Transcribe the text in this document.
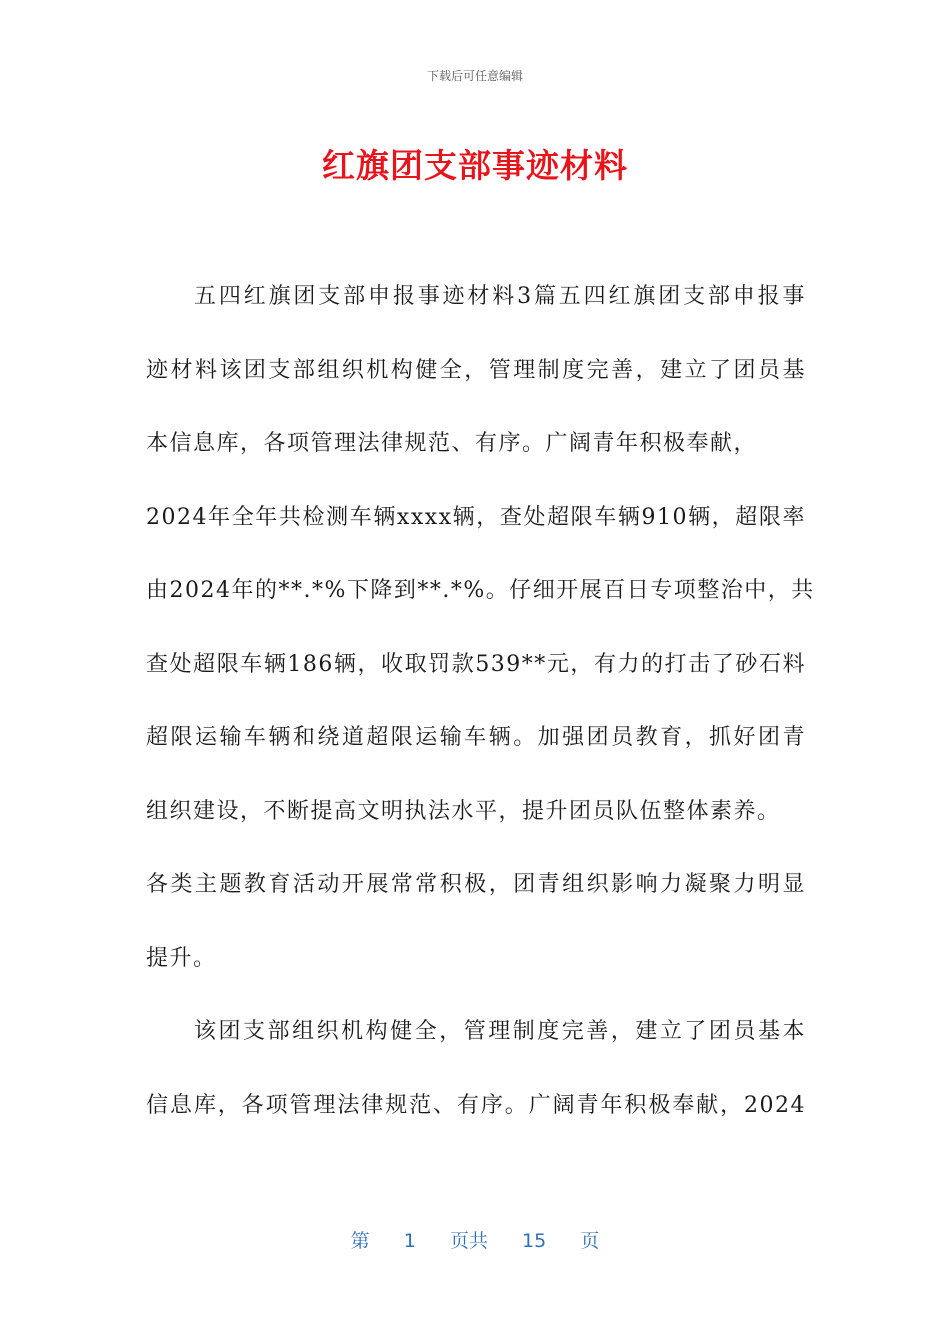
下载后可任意编辑
红旗团支部事迹材料
五四红旗团支部申报事迹材料3篇五四红旗团支部申报事
迹材料该团支部组织机构健全，管理制度完善，建立了团员基
本信息库，各项管理法律规范、有序。广阔青年积极奉献，
2024年全年共检测车辆xxxx辆，查处超限车辆910辆，超限率
由2024年的**.*%下降到**.*%。仔细开展百日专项整治中，共
查处超限车辆186辆，收取罚款539**元，有力的打击了砂石料
超限运输车辆和绕道超限运输车辆。加强团员教育，抓好团青
组织建设，不断提高文明执法水平，提升团员队伍整体素养。
各类主题教育活动开展常常积极，团青组织影响力凝聚力明显
提升。
该团支部组织机构健全，管理制度完善，建立了团员基本
信息库，各项管理法律规范、有序。广阔青年积极奉献，2024
第 1 页共 15 页
